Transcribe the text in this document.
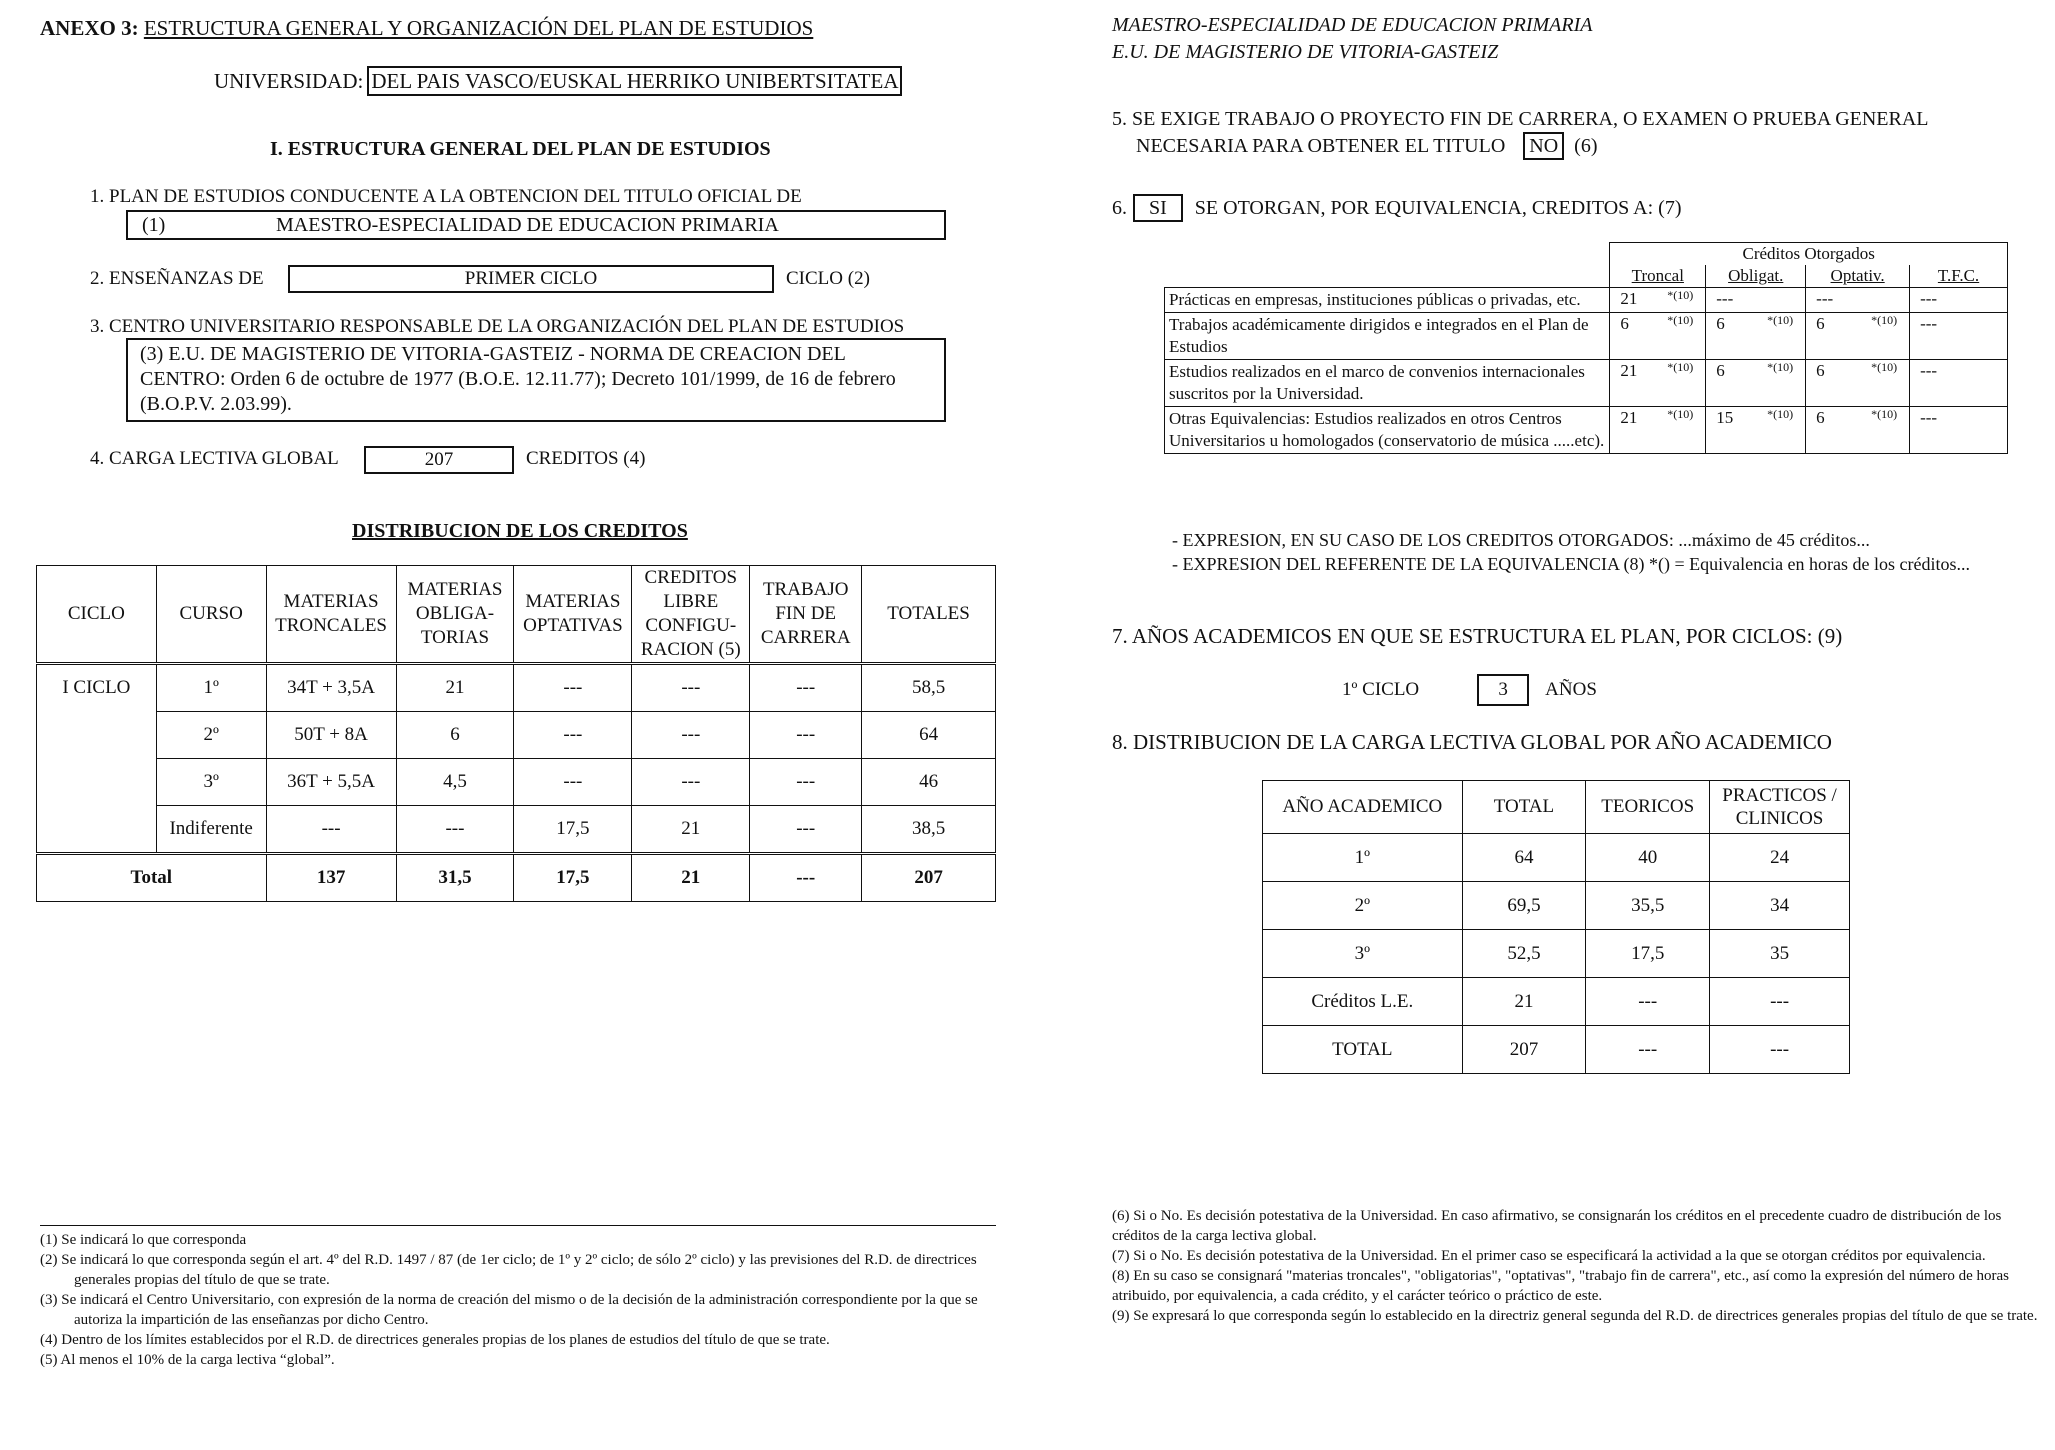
ANEXO 3: ESTRUCTURA GENERAL Y ORGANIZACIÓN DEL PLAN DE ESTUDIOS
UNIVERSIDAD: DEL PAIS VASCO/EUSKAL HERRIKO UNIBERTSITATEA
I. ESTRUCTURA GENERAL DEL PLAN DE ESTUDIOS
1. PLAN DE ESTUDIOS CONDUCENTE A LA OBTENCION DEL TITULO OFICIAL DE
(1)	MAESTRO-ESPECIALIDAD DE EDUCACION PRIMARIA
2. ENSEÑANZAS DE	PRIMER CICLO	CICLO (2)
3. CENTRO UNIVERSITARIO RESPONSABLE DE LA ORGANIZACIÓN DEL PLAN DE ESTUDIOS
(3) E.U. DE MAGISTERIO DE VITORIA-GASTEIZ - NORMA DE CREACION DEL CENTRO: Orden 6 de octubre de 1977 (B.O.E. 12.11.77); Decreto 101/1999, de 16 de febrero (B.O.P.V. 2.03.99).
4. CARGA LECTIVA GLOBAL	207	CREDITOS (4)
DISTRIBUCION DE LOS CREDITOS
CICLO	CURSO	MATERIAS TRONCALES	MATERIAS OBLIGA- TORIAS	MATERIAS OPTATIVAS	CREDITOS LIBRE CONFIGU- RACION (5)	TRABAJO FIN DE CARRERA	TOTALES
I CICLO	1º	34T + 3,5A	21	---	---	---	58,5
	2º	50T + 8A	6	---	---	---	64
	3º	36T + 5,5A	4,5	---	---	---	46
	Indiferente	---	---	17,5	21	---	38,5
Total		137	31,5	17,5	21	---	207

(1) Se indicará lo que corresponda

(2) Se indicará lo que corresponda según el art. 4º del R.D. 1497 / 87 (de 1er ciclo; de 1º y 2º ciclo; de sólo 2º ciclo) y las previsiones del R.D. de directrices generales propias del título de que se trate.

(3) Se indicará el Centro Universitario, con expresión de la norma de creación del mismo o de la decisión de la administración correspondiente por la que se autoriza la impartición de las enseñanzas por dicho Centro.

(4) Dentro de los límites establecidos por el R.D. de directrices generales propias de los planes de estudios del título de que se trate.

(5) Al menos el 10% de la carga lectiva “global”.

MAESTRO-ESPECIALIDAD DE EDUCACION PRIMARIA
E.U. DE MAGISTERIO DE VITORIA-GASTEIZ
5. SE EXIGE TRABAJO O PROYECTO FIN DE CARRERA, O EXAMEN O PRUEBA GENERAL
NECESARIA PARA OBTENER EL TITULO	NO (6)
6.	SI	SE OTORGAN, POR EQUIVALENCIA, CREDITOS A: (7)
	Créditos Otorgados			
	Troncal	Obligat.	Optativ.	T.F.C.
Prácticas en empresas, instituciones públicas o privadas, etc.	21 *(10)	---	---	---
Trabajos académicamente dirigidos e integrados en el Plan de Estudios	6 *(10)	6 *(10)	6 *(10)	---
Estudios realizados en el marco de convenios internacionales suscritos por la Universidad.	21 *(10)	6 *(10)	6 *(10)	---
Otras Equivalencias: Estudios realizados en otros Centros Universitarios u homologados (conservatorio de música .....etc).	21 *(10)	15 *(10)	6 *(10)	---
- EXPRESION, EN SU CASO DE LOS CREDITOS OTORGADOS: ...máximo de 45 créditos...
- EXPRESION DEL REFERENTE DE LA EQUIVALENCIA (8) *() = Equivalencia en horas de los créditos...
7. AÑOS ACADEMICOS EN QUE SE ESTRUCTURA EL PLAN, POR CICLOS: (9)
1º CICLO	3	AÑOS
8. DISTRIBUCION DE LA CARGA LECTIVA GLOBAL POR AÑO ACADEMICO
AÑO ACADEMICO	TOTAL	TEORICOS	PRACTICOS / CLINICOS
1º	64	40	24
2º	69,5	35,5	34
3º	52,5	17,5	35
Créditos L.E.	21	---	---
TOTAL	207	---	---

(6) Si o No. Es decisión potestativa de la Universidad. En caso afirmativo, se consignarán los créditos en el precedente cuadro de distribución de los créditos de la carga lectiva global.

(7) Si o No. Es decisión potestativa de la Universidad. En el primer caso se especificará la actividad a la que se otorgan créditos por equivalencia.

(8) En su caso se consignará "materias troncales", "obligatorias", "optativas", "trabajo fin de carrera", etc., así como la expresión del número de horas atribuido, por equivalencia, a cada crédito, y el carácter teórico o práctico de este.

(9) Se expresará lo que corresponda según lo establecido en la directriz general segunda del R.D. de directrices generales propias del título de que se trate.
